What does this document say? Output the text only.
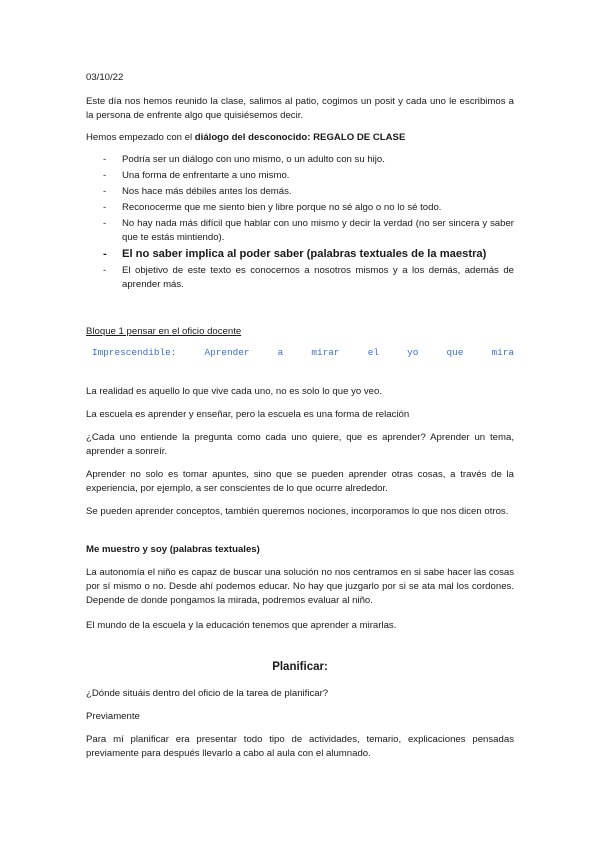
03/10/22

Este día nos hemos reunido la clase, salimos al patio, cogimos un posit y cada uno le escribimos a la persona de enfrente algo que quisiésemos decir.

Hemos empezado con el diálogo del desconocido: REGALO DE CLASE

- Podría ser un diálogo con uno mismo, o un adulto con su hijo.
- Una forma de enfrentarte a uno mismo.
- Nos hace más débiles antes los demás.
- Reconocerme que me siento bien y libre porque no sé algo o no lo sé todo.
- No hay nada más difícil que hablar con uno mismo y decir la verdad (no ser sincera y saber que te estás mintiendo).
- El no saber implica al poder saber (palabras textuales de la maestra)
- El objetivo de este texto es conocernos a nosotros mismos y a los demás, además de aprender más.

Bloque 1 pensar en el oficio docente

Imprescendible:	Aprender	a	mirar	el	yo	que	mira

La realidad es aquello lo que vive cada uno, no es solo lo que yo veo.

La escuela es aprender y enseñar, pero la escuela es una forma de relación

¿Cada uno entiende la pregunta como cada uno quiere, que es aprender? Aprender un tema, aprender a sonreír.

Aprender no solo es tomar apuntes, sino que se pueden aprender otras cosas, a través de la experiencia, por ejemplo, a ser conscientes de lo que ocurre alrededor.

Se pueden aprender conceptos, también queremos nociones, incorporamos lo que nos dicen otros.

Me muestro y soy (palabras textuales)

La autonomía el niño es capaz de buscar una solución no nos centramos en si sabe hacer las cosas por sí mismo o no. Desde ahí podemos educar. No hay que juzgarlo por si se ata mal los cordones. Depende de donde pongamos la mirada, podremos evaluar al niño.

El mundo de la escuela y la educación tenemos que aprender a mirarlas.

Planificar:

¿Dónde situáis dentro del oficio de la tarea de planificar?

Previamente

Para mí planificar era presentar todo tipo de actividades, temario, explicaciones pensadas previamente para después llevarlo a cabo al aula con el alumnado.
